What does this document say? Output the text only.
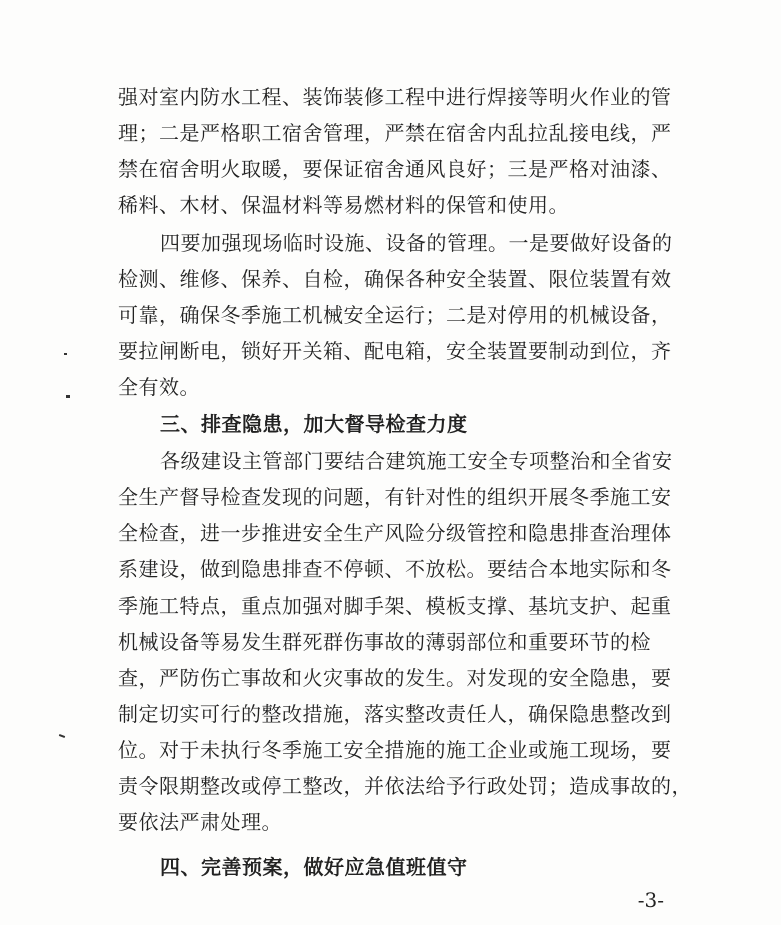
强对室内防水工程、装饰装修工程中进行焊接等明火作业的管
理；二是严格职工宿舍管理，严禁在宿舍内乱拉乱接电线，严
禁在宿舍明火取暖，要保证宿舍通风良好；三是严格对油漆、
稀料、木材、保温材料等易燃材料的保管和使用。
四要加强现场临时设施、设备的管理。一是要做好设备的
检测、维修、保养、自检，确保各种安全装置、限位装置有效
可靠，确保冬季施工机械安全运行；二是对停用的机械设备，
要拉闸断电，锁好开关箱、配电箱，安全装置要制动到位，齐
全有效。
三、排查隐患，加大督导检查力度
各级建设主管部门要结合建筑施工安全专项整治和全省安
全生产督导检查发现的问题，有针对性的组织开展冬季施工安
全检查，进一步推进安全生产风险分级管控和隐患排查治理体
系建设，做到隐患排查不停顿、不放松。要结合本地实际和冬
季施工特点，重点加强对脚手架、模板支撑、基坑支护、起重
机械设备等易发生群死群伤事故的薄弱部位和重要环节的检
查，严防伤亡事故和火灾事故的发生。对发现的安全隐患，要
制定切实可行的整改措施，落实整改责任人，确保隐患整改到
位。对于未执行冬季施工安全措施的施工企业或施工现场，要
责令限期整改或停工整改，并依法给予行政处罚；造成事故的，
要依法严肃处理。
四、完善预案，做好应急值班值守
-3-
